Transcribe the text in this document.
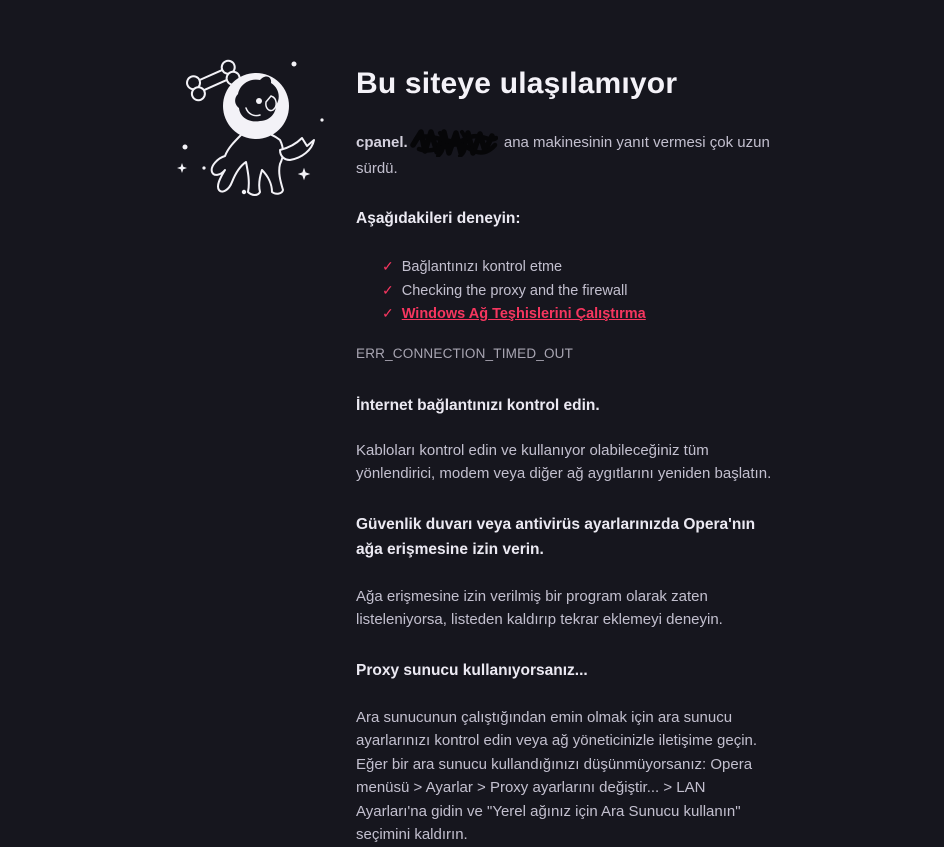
Bu siteye ulaşılamıyor

cpanel.	ana makinesinin yanıt vermesi çok uzun sürdü.

Aşağıdakileri deneyin:
✓ Bağlantınızı kontrol etme
✓ Checking the proxy and the firewall
✓ Windows Ağ Teşhislerini Çalıştırma
ERR_CONNECTION_TIMED_OUT
İnternet bağlantınızı kontrol edin.

Kabloları kontrol edin ve kullanıyor olabileceğiniz tüm yönlendirici, modem veya diğer ağ aygıtlarını yeniden başlatın.

Güvenlik duvarı veya antivirüs ayarlarınızda Opera'nın ağa erişmesine izin verin.

Ağa erişmesine izin verilmiş bir program olarak zaten listeleniyorsa, listeden kaldırıp tekrar eklemeyi deneyin.

Proxy sunucu kullanıyorsanız...

Ara sunucunun çalıştığından emin olmak için ara sunucu ayarlarınızı kontrol edin veya ağ yöneticinizle iletişime geçin. Eğer bir ara sunucu kullandığınızı düşünmüyorsanız: Opera menüsü > Ayarlar > Proxy ayarlarını değiştir... > LAN Ayarları'na gidin ve "Yerel ağınız için Ara Sunucu kullanın" seçimini kaldırın.
